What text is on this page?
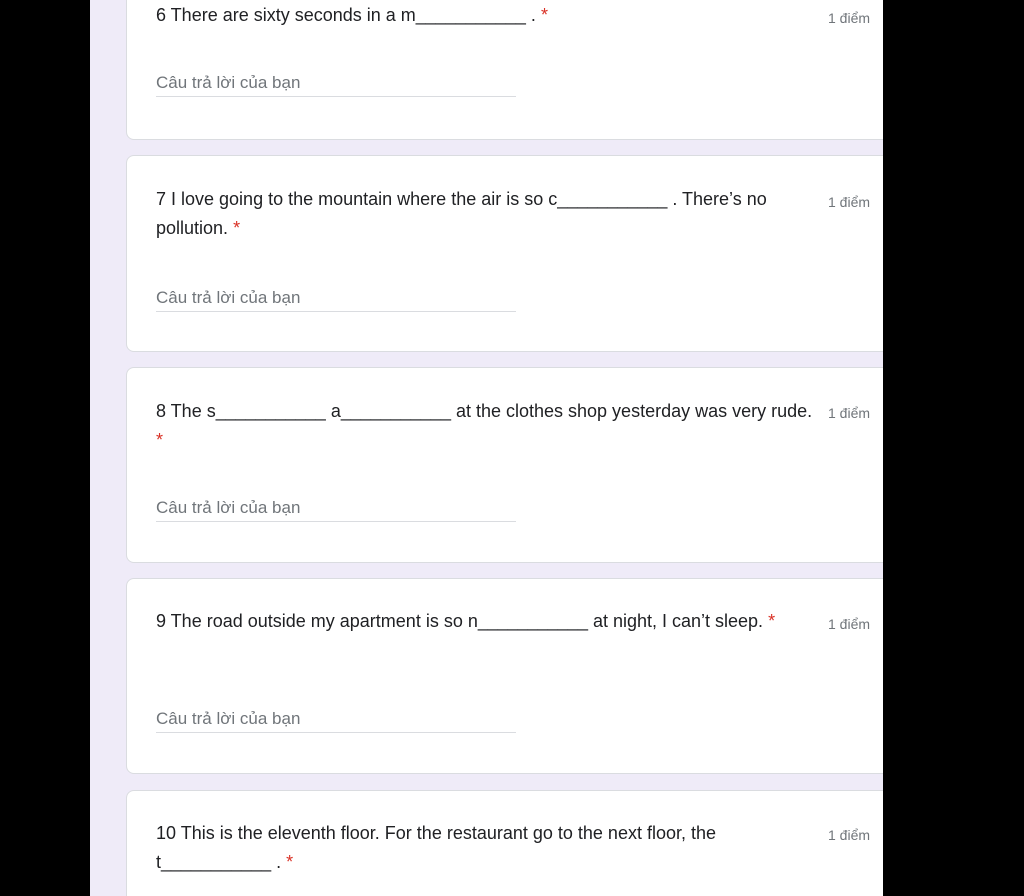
6 There are sixty seconds in a m___________ . *	1 điểm
Câu trả lời của bạn
7 I love going to the mountain where the air is so c___________ . There’s no pollution. *
1 điểm
Câu trả lời của bạn
8 The s___________ a___________ at the clothes shop yesterday was very rude. *
1 điểm
Câu trả lời của bạn
9 The road outside my apartment is so n___________ at night, I can’t sleep. *	1 điểm
Câu trả lời của bạn
10 This is the eleventh floor. For the restaurant go to the next floor, the t___________ . *
1 điểm
